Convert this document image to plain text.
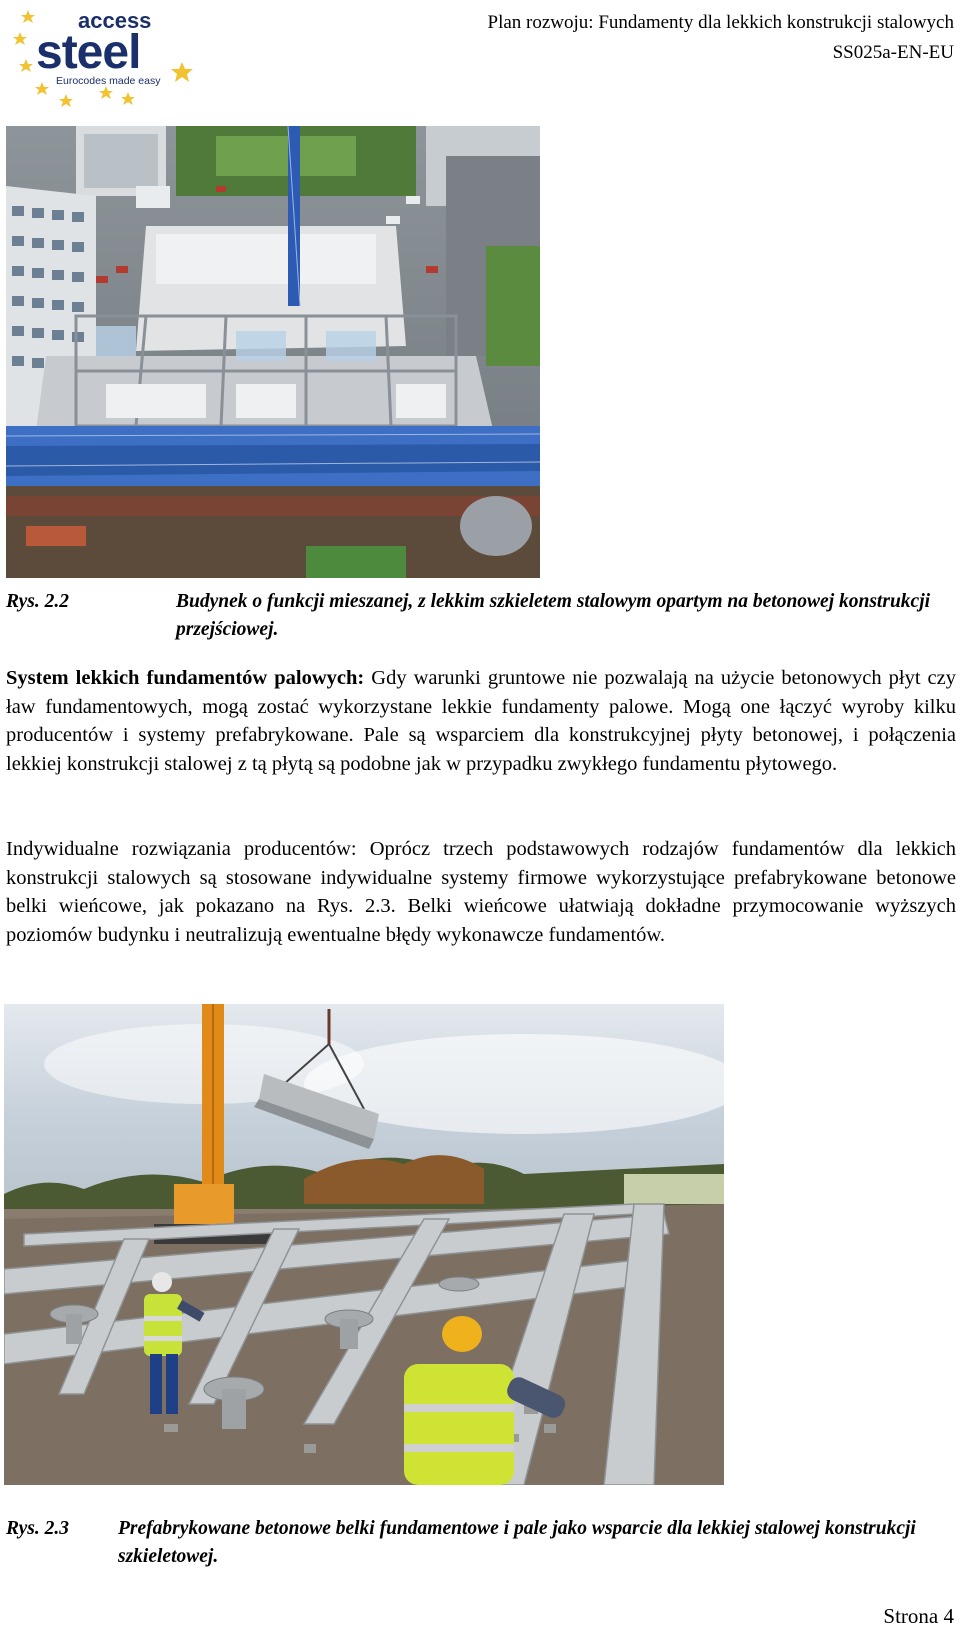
access
steel
Eurocodes made easy
Plan rozwoju: Fundamenty dla lekkich konstrukcji stalowych
SS025a-EN-EU
Rys. 2.2	Budynek o funkcji mieszanej, z lekkim szkieletem stalowym opartym na betonowej konstrukcji przejściowej.

System lekkich fundamentów palowych: Gdy warunki gruntowe nie pozwalają na użycie betonowych płyt czy ław fundamentowych, mogą zostać wykorzystane lekkie fundamenty palowe. Mogą one łączyć wyroby kilku producentów i systemy prefabrykowane. Pale są wsparciem dla konstrukcyjnej płyty betonowej, i połączenia lekkiej konstrukcji stalowej z tą płytą są podobne jak w przypadku zwykłego fundamentu płytowego.

Indywidualne rozwiązania producentów: Oprócz trzech podstawowych rodzajów fundamentów dla lekkich konstrukcji stalowych są stosowane indywidualne systemy firmowe wykorzystujące prefabrykowane betonowe belki wieńcowe, jak pokazano na Rys. 2.3. Belki wieńcowe ułatwiają dokładne przymocowanie wyższych poziomów budynku i neutralizują ewentualne błędy wykonawcze fundamentów.

Rys. 2.3	Prefabrykowane betonowe belki fundamentowe i pale jako wsparcie dla lekkiej stalowej konstrukcji szkieletowej.
Strona 4
